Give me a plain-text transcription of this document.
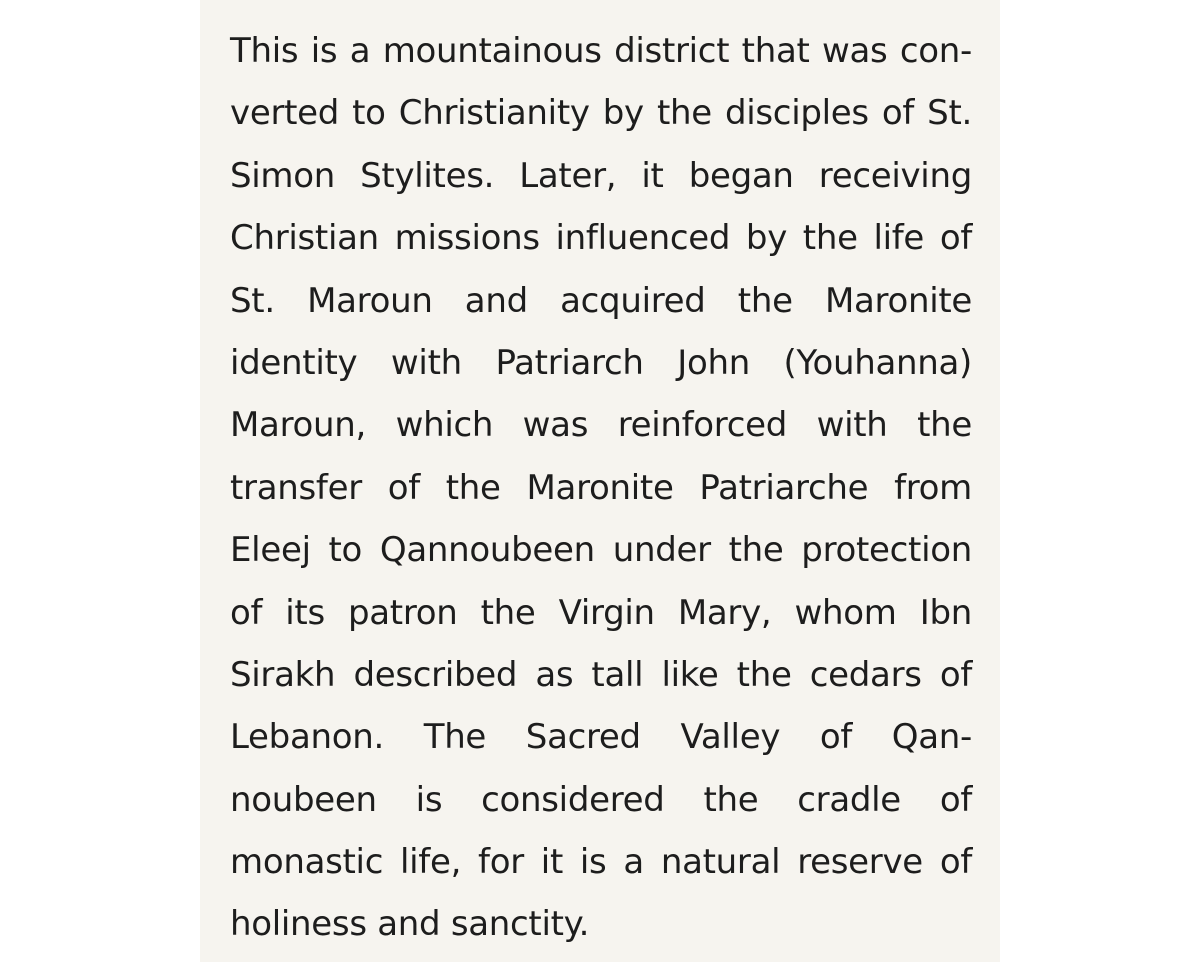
This is a mountainous district that was con-
verted to Christianity by the disciples of St.
Simon Stylites. Later, it began receiving
Christian missions influenced by the life of
St. Maroun and acquired the Maronite
identity with Patriarch John (Youhanna)
Maroun, which was reinforced with the
transfer of the Maronite Patriarche from
Eleej to Qannoubeen under the protection
of its patron the Virgin Mary, whom Ibn
Sirakh described as tall like the cedars of
Lebanon. The Sacred Valley of Qan-
noubeen is considered the cradle of
monastic life, for it is a natural reserve of
holiness and sanctity.
